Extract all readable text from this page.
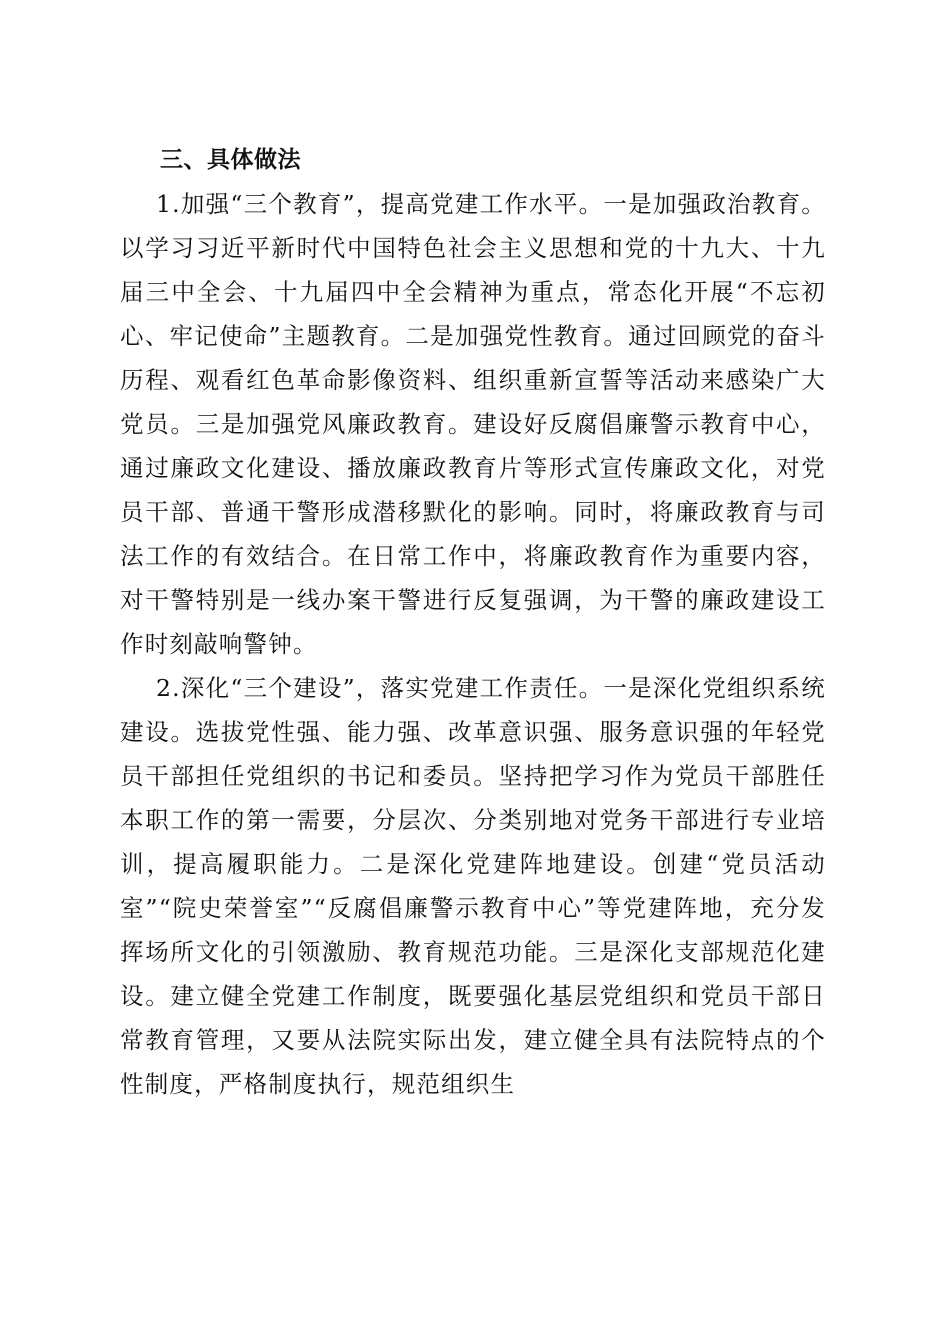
三、具体做法

1.加强“三个教育”，提高党建工作水平。一是加强政治教育。以学习习近平新时代中国特色社会主义思想和党的十九大、十九届三中全会、十九届四中全会精神为重点，常态化开展“不忘初心、牢记使命”主题教育。二是加强党性教育。通过回顾党的奋斗历程、观看红色革命影像资料、组织重新宣誓等活动来感染广大党员。三是加强党风廉政教育。建设好反腐倡廉警示教育中心，通过廉政文化建设、播放廉政教育片等形式宣传廉政文化，对党员干部、普通干警形成潜移默化的影响。同时，将廉政教育与司法工作的有效结合。在日常工作中，将廉政教育作为重要内容，对干警特别是一线办案干警进行反复强调，为干警的廉政建设工作时刻敲响警钟。

2.深化“三个建设”，落实党建工作责任。一是深化党组织系统建设。选拔党性强、能力强、改革意识强、服务意识强的年轻党员干部担任党组织的书记和委员。坚持把学习作为党员干部胜任本职工作的第一需要，分层次、分类别地对党务干部进行专业培训，提高履职能力。二是深化党建阵地建设。创建“党员活动室”“院史荣誉室”“反腐倡廉警示教育中心”等党建阵地，充分发挥场所文化的引领激励、教育规范功能。三是深化支部规范化建设。建立健全党建工作制度，既要强化基层党组织和党员干部日常教育管理，又要从法院实际出发，建立健全具有法院特点的个性制度，严格制度执行，规范组织生
